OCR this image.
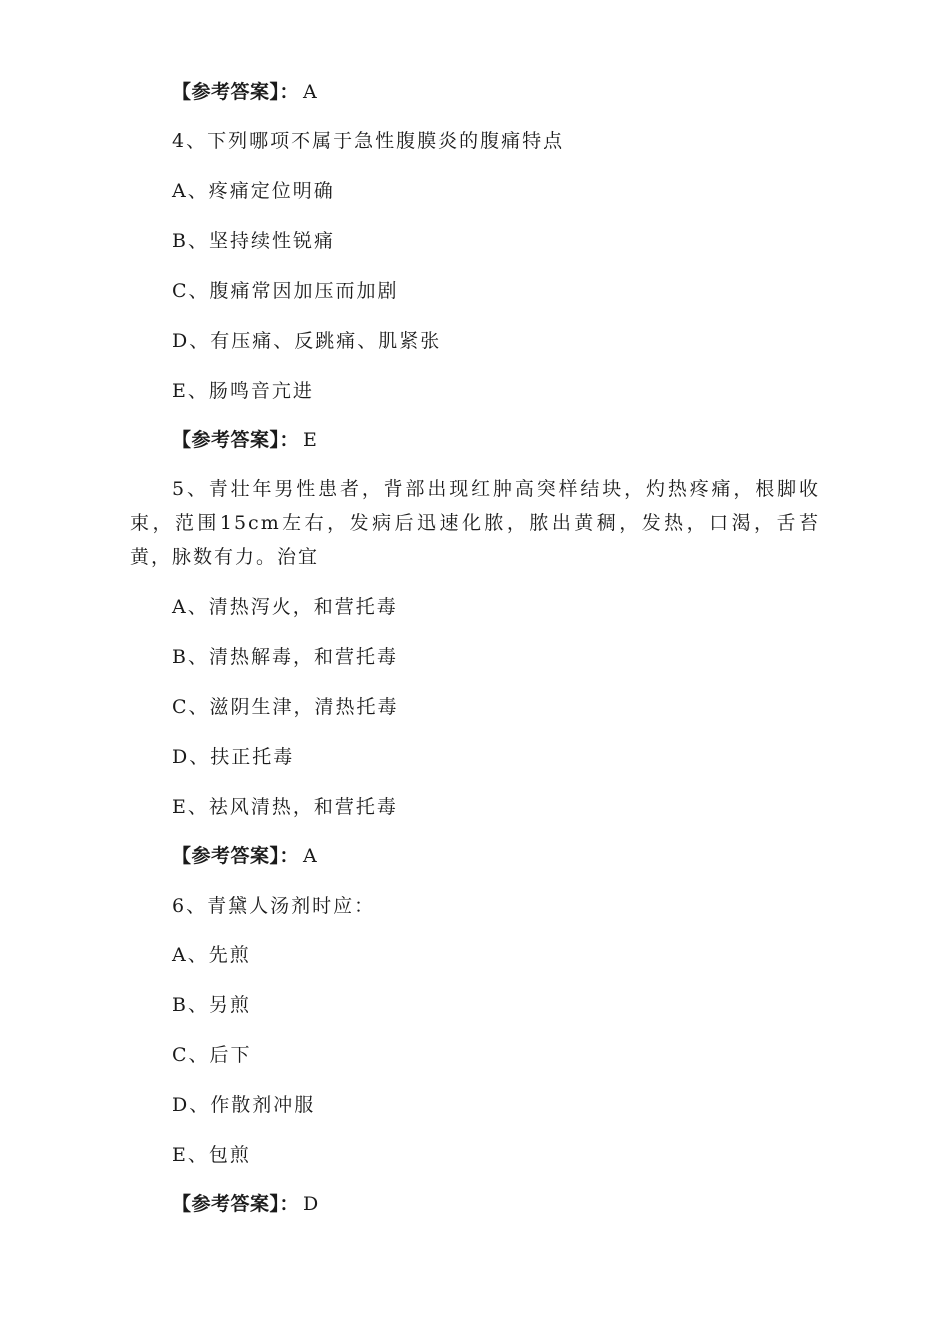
【参考答案】： A
4、下列哪项不属于急性腹膜炎的腹痛特点
A、疼痛定位明确
B、坚持续性锐痛
C、腹痛常因加压而加剧
D、有压痛、反跳痛、肌紧张
E、肠鸣音亢进
【参考答案】： E
5、青壮年男性患者，背部出现红肿高突样结块，灼热疼痛，根脚收束，范围15cm左右，发病后迅速化脓，脓出黄稠，发热，口渴，舌苔黄，脉数有力。治宜
A、清热泻火，和营托毒
B、清热解毒，和营托毒
C、滋阴生津，清热托毒
D、扶正托毒
E、祛风清热，和营托毒
【参考答案】： A
6、青黛人汤剂时应：
A、先煎
B、另煎
C、后下
D、作散剂冲服
E、包煎
【参考答案】： D
